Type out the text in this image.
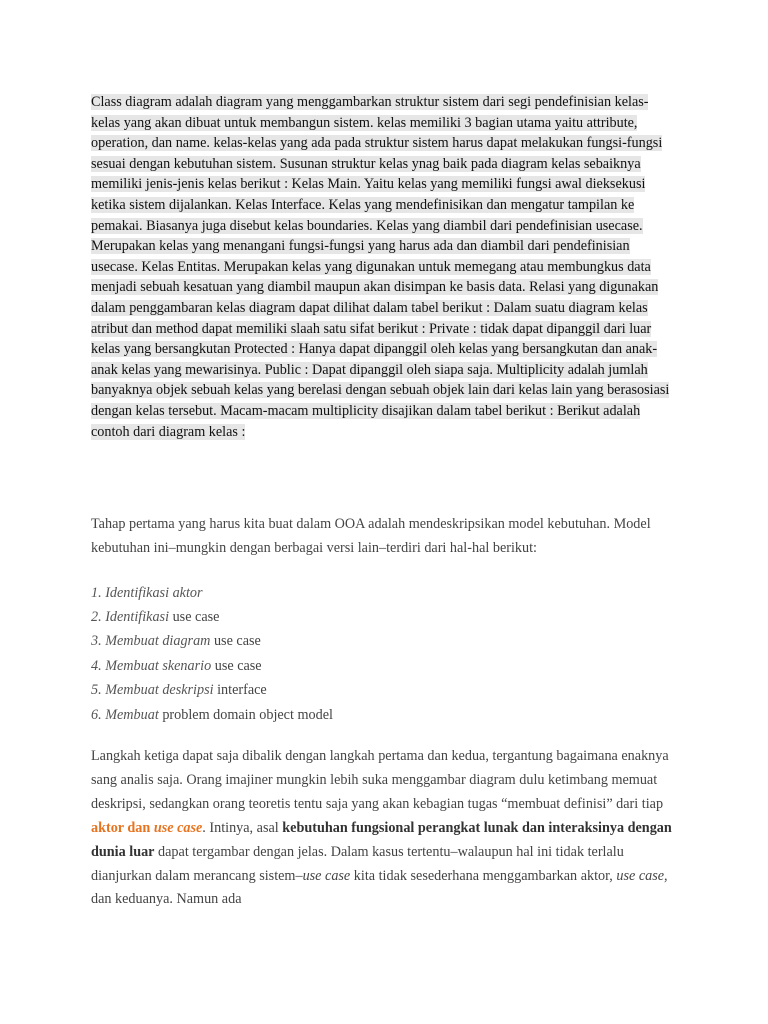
Class diagram adalah diagram yang menggambarkan struktur sistem dari segi pendefinisian kelas-kelas yang akan dibuat untuk membangun sistem. kelas memiliki 3 bagian utama yaitu attribute, operation, dan name. kelas-kelas yang ada pada struktur sistem harus dapat melakukan fungsi-fungsi sesuai dengan kebutuhan sistem. Susunan struktur kelas ynag baik pada diagram kelas sebaiknya memiliki jenis-jenis kelas berikut : Kelas Main. Yaitu kelas yang memiliki fungsi awal dieksekusi ketika sistem dijalankan. Kelas Interface. Kelas yang mendefinisikan dan mengatur tampilan ke pemakai. Biasanya juga disebut kelas boundaries. Kelas yang diambil dari pendefinisian usecase. Merupakan kelas yang menangani fungsi-fungsi yang harus ada dan diambil dari pendefinisian usecase. Kelas Entitas. Merupakan kelas yang digunakan untuk memegang atau membungkus data menjadi sebuah kesatuan yang diambil maupun akan disimpan ke basis data. Relasi yang digunakan dalam penggambaran kelas diagram dapat dilihat dalam tabel berikut : Dalam suatu diagram kelas atribut dan method dapat memiliki slaah satu sifat berikut : Private : tidak dapat dipanggil dari luar kelas yang bersangkutan Protected : Hanya dapat dipanggil oleh kelas yang bersangkutan dan anak-anak kelas yang mewarisinya. Public : Dapat dipanggil oleh siapa saja. Multiplicity adalah jumlah banyaknya objek sebuah kelas yang berelasi dengan sebuah objek lain dari kelas lain yang berasosiasi dengan kelas tersebut. Macam-macam multiplicity disajikan dalam tabel berikut : Berikut adalah contoh dari diagram kelas :

Tahap pertama yang harus kita buat dalam OOA adalah mendeskripsikan model kebutuhan. Model kebutuhan ini–mungkin dengan berbagai versi lain–terdiri dari hal-hal berikut:

1. Identifikasi aktor
2. Identifikasi use case
3. Membuat diagram use case
4. Membuat skenario use case
5. Membuat deskripsi interface
6. Membuat problem domain object model

Langkah ketiga dapat saja dibalik dengan langkah pertama dan kedua, tergantung bagaimana enaknya sang analis saja. Orang imajiner mungkin lebih suka menggambar diagram dulu ketimbang memuat deskripsi, sedangkan orang teoretis tentu saja yang akan kebagian tugas “membuat definisi” dari tiap aktor dan use case. Intinya, asal kebutuhan fungsional perangkat lunak dan interaksinya dengan dunia luar dapat tergambar dengan jelas. Dalam kasus tertentu–walaupun hal ini tidak terlalu dianjurkan dalam merancang sistem–use case kita tidak sesederhana menggambarkan aktor, use case, dan keduanya. Namun ada
